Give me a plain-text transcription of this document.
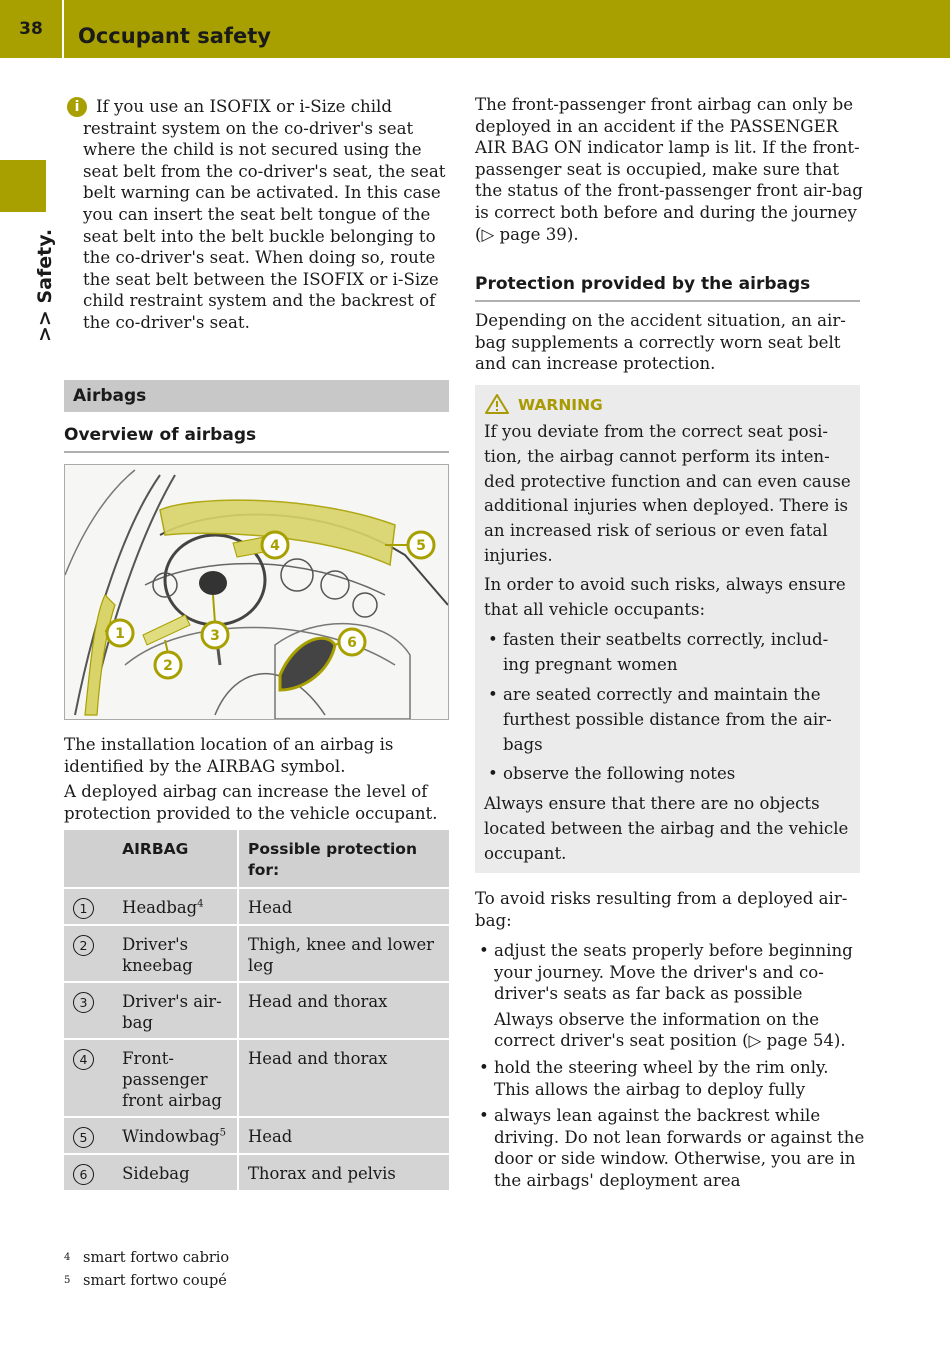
38	Occupant safety
>> Safety.
i If you use an ISOFIX or i-Size child restraint system on the co-driver's seat where the child is not secured using the seat belt from the co-driver's seat, the seat belt warning can be activated. In this case you can insert the seat belt tongue of the seat belt into the belt buckle belonging to the co-driver's seat. When doing so, route the seat belt between the ISOFIX or i-Size child restraint system and the backrest of the co-driver's seat.
Airbags
Overview of airbags
1
2
3
4	5
6
The installation location of an airbag is identified by the AIRBAG symbol.
A deployed airbag can increase the level of protection provided to the vehicle occupant.
	AIRBAG	Possible protection for:
1	Headbag$^4$	Head
2	Driver's kneebag	Thigh, knee and lower leg
3	Driver's air-bag	Head and thorax
4	Front-passenger front airbag	Head and thorax
5	Windowbag$^5$	Head
6	Sidebag	Thorax and pelvis
4 smart fortwo cabrio
5 smart fortwo coupé
The front-passenger front airbag can only be deployed in an accident if the PASSENGER AIR BAG ON indicator lamp is lit. If the front-passenger seat is occupied, make sure that the status of the front-passenger front air-bag is correct both before and during the journey (▷ page 39).
Protection provided by the airbags
Depending on the accident situation, an air-bag supplements a correctly worn seat belt and can increase protection.
WARNING

If you deviate from the correct seat posi-tion, the airbag cannot perform its inten-ded protective function and can even cause additional injuries when deployed. There is an increased risk of serious or even fatal injuries.

In order to avoid such risks, always ensure that all vehicle occupants:

• fasten their seatbelts correctly, includ-ing pregnant women
• are seated correctly and maintain the furthest possible distance from the air-bags
• observe the following notes

Always ensure that there are no objects located between the airbag and the vehicle occupant.

To avoid risks resulting from a deployed air-bag:
• adjust the seats properly before beginning your journey. Move the driver's and co-driver's seats as far back as possible
Always observe the information on the correct driver's seat position (▷ page 54).
• hold the steering wheel by the rim only. This allows the airbag to deploy fully
• always lean against the backrest while driving. Do not lean forwards or against the door or side window. Otherwise, you are in the airbags' deployment area
